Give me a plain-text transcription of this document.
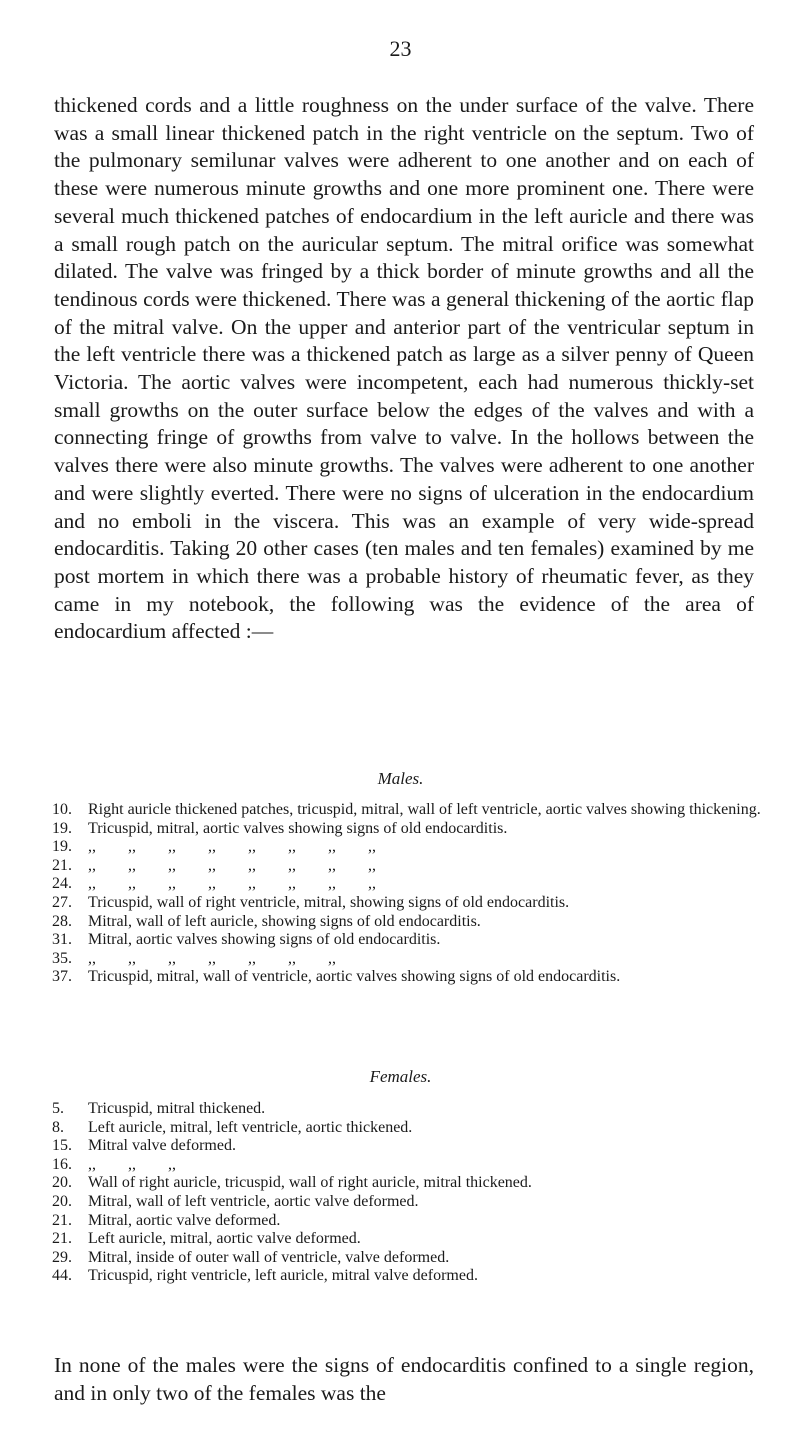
23

thickened cords and a little roughness on the under surface of the valve. There was a small linear thickened patch in the right ventricle on the septum. Two of the pulmonary semilunar valves were adherent to one another and on each of these were numerous minute growths and one more prominent one. There were several much thickened patches of endocardium in the left auricle and there was a small rough patch on the auricular septum. The mitral orifice was somewhat dilated. The valve was fringed by a thick border of minute growths and all the tendinous cords were thickened. There was a general thickening of the aortic flap of the mitral valve. On the upper and anterior part of the ventricular septum in the left ventricle there was a thickened patch as large as a silver penny of Queen Victoria. The aortic valves were incompetent, each had numerous thickly-set small growths on the outer surface below the edges of the valves and with a connecting fringe of growths from valve to valve. In the hollows between the valves there were also minute growths. The valves were adherent to one another and were slightly everted. There were no signs of ulceration in the endocardium and no emboli in the viscera. This was an example of very wide-spread endocarditis. Taking 20 other cases (ten males and ten females) examined by me post mortem in which there was a probable history of rheumatic fever, as they came in my notebook, the following was the evidence of the area of endocardium affected :—

Males.
10.	Right auricle thickened patches, tricuspid, mitral, wall of left ventricle, aortic valves showing thickening.
19.	Tricuspid, mitral, aortic valves showing signs of old endocarditis.
19.	,, ,, ,, ,, ,, ,, ,, ,,
21.	,, ,, ,, ,, ,, ,, ,, ,,
24.	,, ,, ,, ,, ,, ,, ,, ,,
27.	Tricuspid, wall of right ventricle, mitral, showing signs of old endocarditis.
28.	Mitral, wall of left auricle, showing signs of old endocarditis.
31.	Mitral, aortic valves showing signs of old endocarditis.
35.	,, ,, ,, ,, ,, ,, ,,
37.	Tricuspid, mitral, wall of ventricle, aortic valves showing signs of old endocarditis.
Females.
5.	Tricuspid, mitral thickened.
8.	Left auricle, mitral, left ventricle, aortic thickened.
15.	Mitral valve deformed.
16.	,, ,, ,,
20.	Wall of right auricle, tricuspid, wall of right auricle, mitral thickened.
20.	Mitral, wall of left ventricle, aortic valve deformed.
21.	Mitral, aortic valve deformed.
21.	Left auricle, mitral, aortic valve deformed.
29.	Mitral, inside of outer wall of ventricle, valve deformed.
44.	Tricuspid, right ventricle, left auricle, mitral valve deformed.

In none of the males were the signs of endocarditis confined to a single region, and in only two of the females was the
